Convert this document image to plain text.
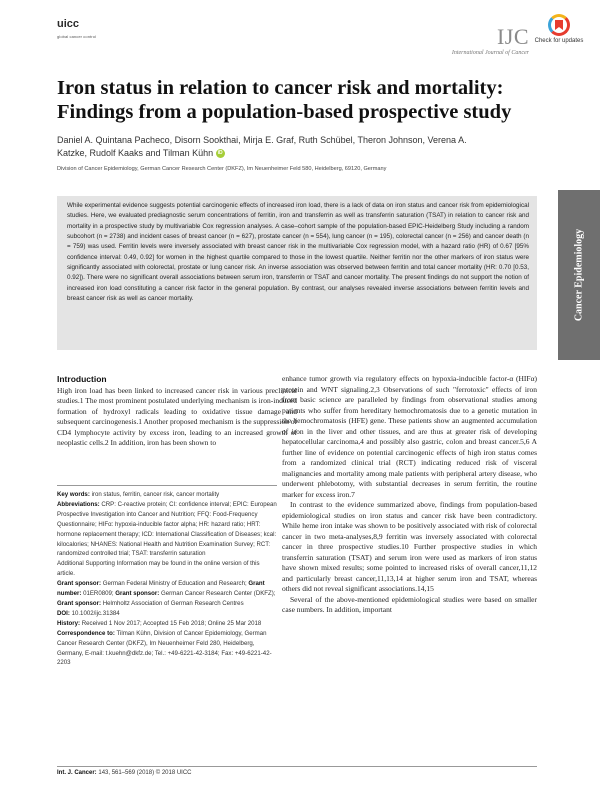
uicc
global cancer control	IJC
International Journal of Cancer
Check for updates
Iron status in relation to cancer risk and mortality: Findings from a population-based prospective study
Daniel A. Quintana Pacheco, Disorn Sookthai, Mirja E. Graf, Ruth Schübel, Theron Johnson, Verena A. Katzke, Rudolf Kaaks and Tilman Kühn iD
Division of Cancer Epidemiology, German Cancer Research Center (DKFZ), Im Neuenheimer Feld 580, Heidelberg, 69120, Germany
While experimental evidence suggests potential carcinogenic effects of increased iron load, there is a lack of data on iron status and cancer risk from epidemiological studies. Here, we evaluated prediagnostic serum concentrations of ferritin, iron and transferrin as well as transferrin saturation (TSAT) in relation to cancer risk and mortality in a prospective study by multivariable Cox regression analyses. A case–cohort sample of the population-based EPIC-Heidelberg Study including a random subcohort (n = 2738) and incident cases of breast cancer (n = 627), prostate cancer (n = 554), lung cancer (n = 195), colorectal cancer (n = 256) and cancer death (n = 759) was used. Ferritin levels were inversely associated with breast cancer risk in the multivariable Cox regression model, with a hazard ratio (HR) of 0.67 [95% confidence interval: 0.49, 0.92] for women in the highest quartile compared to those in the lowest quartile. Neither ferritin nor the other markers of iron status were significantly associated with colorectal, prostate or lung cancer risk. An inverse association was observed between ferritin and total cancer mortality (HR: 0.70 [0.53, 0.92]). There were no significant overall associations between serum iron, transferrin or TSAT and cancer mortality. The present findings do not support the notion of increased iron load constituting a cancer risk factor in the general population. By contrast, our analyses revealed inverse associations between ferritin levels and breast cancer risk as well as cancer mortality.	Cancer Epidemiology
Introduction

High iron load has been linked to increased cancer risk in various preclinical studies.1 The most prominent postulated underlying mechanism is iron-induced formation of hydroxyl radicals leading to oxidative tissue damage and subsequent carcinogenesis.1 Another proposed mechanism is the suppression of CD4 lymphocyte activity by excess iron, leading to an increased growth of neoplastic cells.2 In addition, iron has been shown to

Key words: iron status, ferritin, cancer risk, cancer mortality
Abbreviations: CRP: C-reactive protein; CI: confidence interval; EPIC: European Prospective Investigation into Cancer and Nutrition; FFQ: Food-Frequency Questionnaire; HIFα: hypoxia-inducible factor alpha; HR: hazard ratio; HRT: hormone replacement therapy; ICD: International Classification of Diseases; kcal: kilocalories; NHANES: National Health and Nutrition Examination Survey; RCT: randomized controlled trial; TSAT: transferrin saturation
Additional Supporting Information may be found in the online version of this article.
Grant sponsor: German Federal Ministry of Education and Research; Grant number: 01ER0809; Grant sponsor: German Cancer Research Center (DKFZ); Grant sponsor: Helmholtz Association of German Research Centres
DOI: 10.1002/ijc.31384
History: Received 1 Nov 2017; Accepted 15 Feb 2018; Online 25 Mar 2018
Correspondence to: Tilman Kühn, Division of Cancer Epidemiology, German Cancer Research Center (DKFZ), Im Neuenheimer Feld 280, Heidelberg, Germany, E-mail: t.kuehn@dkfz.de; Tel.: +49-6221-42-3184; Fax: +49-6221-42-2203

enhance tumor growth via regulatory effects on hypoxia-inducible factor-α (HIFα) protein and WNT signaling.2,3 Observations of such "ferrotoxic" effects of iron from basic science are paralleled by findings from observational studies among patients who suffer from hereditary hemochromatosis due to a genetic mutation in the hemochromatosis (HFE) gene. These patients show an augmented accumulation of iron in the liver and other tissues, and are thus at greater risk of developing hepatocellular carcinoma,4 and possibly also gastric, colon and breast cancer.5,6 A further line of evidence on potential carcinogenic effects of high iron status comes from a randomized clinical trial (RCT) indicating reduced risk of visceral malignancies and mortality among male patients with peripheral artery disease, who underwent phlebotomy, with substantial decreases in serum ferritin, the routine marker for excess iron.7

In contrast to the evidence summarized above, findings from population-based epidemiological studies on iron status and cancer risk have been contradictory. While heme iron intake was shown to be positively associated with risk of colorectal cancer in two meta-analyses,8,9 ferritin was inversely associated with colorectal cancer in three prospective studies.10 Further prospective studies in which transferrin saturation (TSAT) and serum iron were used as markers of iron status have shown mixed results; some pointed to increased risks of overall cancer,11,12 and particularly breast cancer,11,13,14 at higher serum iron and TSAT, whereas others did not reveal significant associations.14,15

Several of the above-mentioned epidemiological studies were based on smaller case numbers. In addition, important

Int. J. Cancer: 143, 561–569 (2018) © 2018 UICC
